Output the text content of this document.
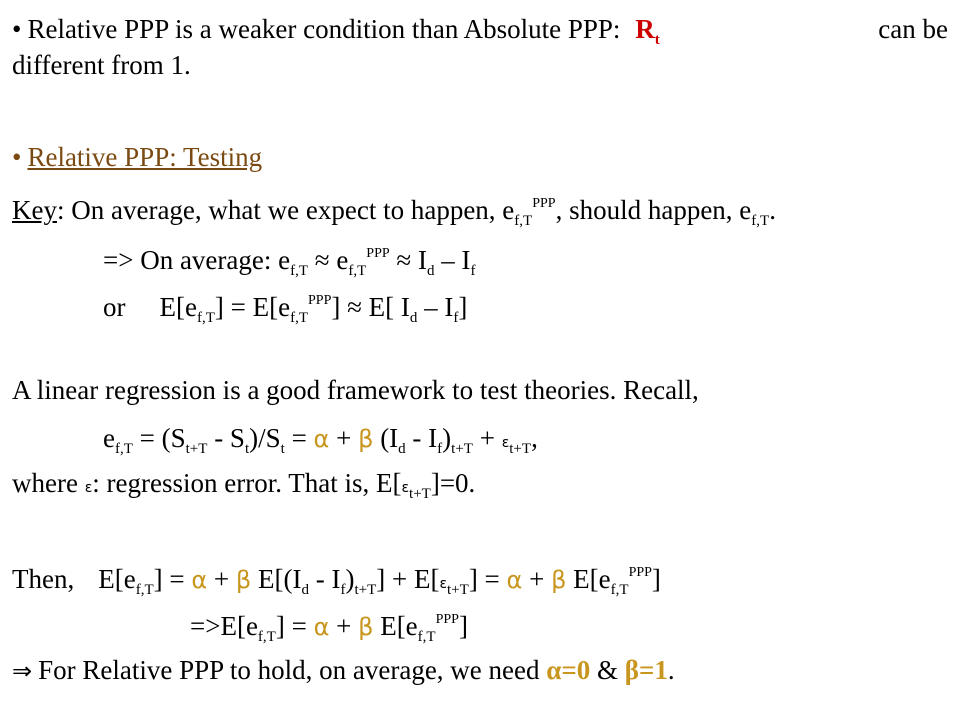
• Relative PPP is a weaker condition than Absolute PPP: $R_t$	can be
different from 1.
• Relative PPP: Testing
Key: On average, what we expect to happen, $e_{f,T}^{PPP}$, should happen, $e_{f,T}$.
=> On average: $e_{f,T} \approx e_{f,T}^{PPP} \approx I_d - I_f$
or $E[e_{f,T}] = E[e_{f,T}^{PPP}] \approx E$[ $I_d - I_f$]
A linear regression is a good framework to test theories. Recall,
$e_{f,T} = (S_{t+T} - S_t)/S_t = \alpha + \beta$ $(I_d - I_f)_{t+T} + \varepsilon_{t+T}$,
where ε: regression error. That is, $E[\varepsilon_{t+T}]=0$.
Then, $E[e_{f,T}] = \alpha + \beta$ $E[(I_d - I_f)_{t+T}] + E[\varepsilon_{t+T}] = \alpha + \beta$ $E[e_{f,T}^{PPP}]$
$=>E[e_{f,T}] = \alpha + \beta$ $E[e_{f,T}^{PPP}]$
⇒ For Relative PPP to hold, on average, we need α=0 & β=1.
